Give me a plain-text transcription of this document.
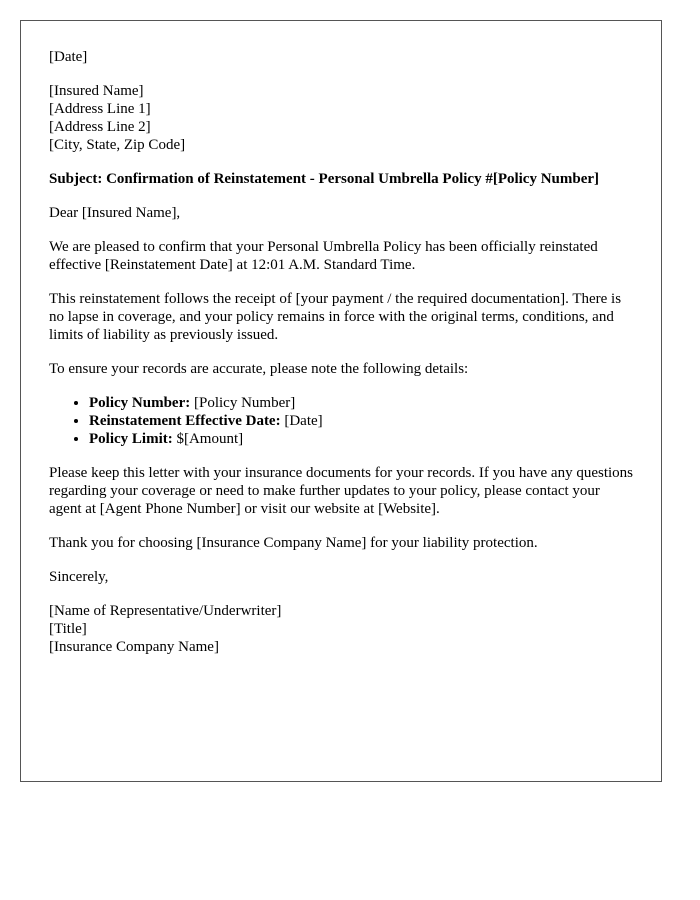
[Date]

[Insured Name]
[Address Line 1]
[Address Line 2]
[City, State, Zip Code]

Subject: Confirmation of Reinstatement - Personal Umbrella Policy #[Policy Number]

Dear [Insured Name],

We are pleased to confirm that your Personal Umbrella Policy has been officially reinstated effective [Reinstatement Date] at 12:01 A.M. Standard Time.

This reinstatement follows the receipt of [your payment / the required documentation]. There is no lapse in coverage, and your policy remains in force with the original terms, conditions, and limits of liability as previously issued.

To ensure your records are accurate, please note the following details:

• Policy Number: [Policy Number]
• Reinstatement Effective Date: [Date]
• Policy Limit: $[Amount]

Please keep this letter with your insurance documents for your records. If you have any questions regarding your coverage or need to make further updates to your policy, please contact your agent at [Agent Phone Number] or visit our website at [Website].

Thank you for choosing [Insurance Company Name] for your liability protection.

Sincerely,

[Name of Representative/Underwriter]
[Title]
[Insurance Company Name]
